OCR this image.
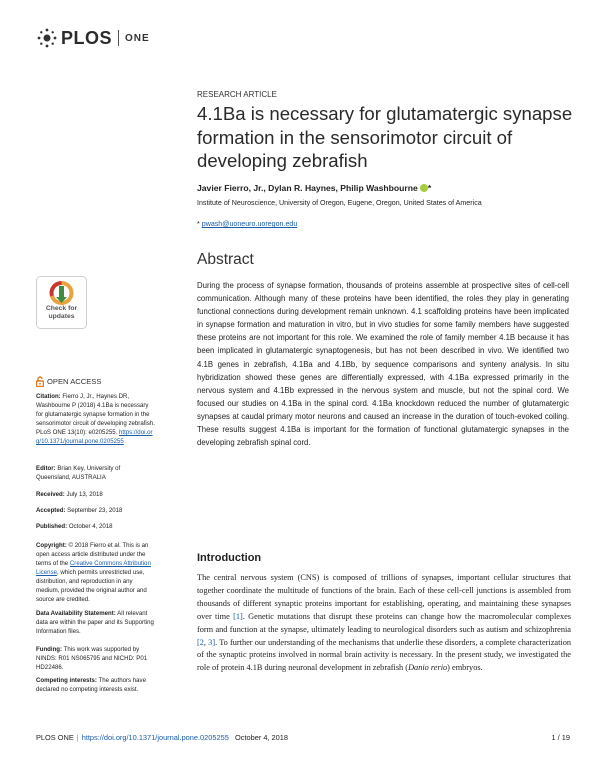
PLOS ONE
RESEARCH ARTICLE
4.1Ba is necessary for glutamatergic synapse formation in the sensorimotor circuit of developing zebrafish
Javier Fierro, Jr., Dylan R. Haynes, Philip Washbourne *
Institute of Neuroscience, University of Oregon, Eugene, Oregon, United States of America
* pwash@uoneuro.uoregon.edu
Check for
updates
Abstract

During the process of synapse formation, thousands of proteins assemble at prospective sites of cell-cell communication. Although many of these proteins have been identified, the roles they play in generating functional connections during development remain unknown. 4.1 scaffolding proteins have been implicated in synapse formation and maturation in vitro, but in vivo studies for some family members have suggested these proteins are not important for this role. We examined the role of family member 4.1B because it has been implicated in glutamatergic synaptogenesis, but has not been described in vivo. We identified two 4.1B genes in zebrafish, 4.1Ba and 4.1Bb, by sequence comparisons and synteny analysis. In situ hybridization showed these genes are differentially expressed, with 4.1Ba expressed primarily in the nervous system and 4.1Bb expressed in the nervous system and muscle, but not the spinal cord. We focused our studies on 4.1Ba in the spinal cord. 4.1Ba knockdown reduced the number of glutamatergic synapses at caudal primary motor neurons and caused an increase in the duration of touch-evoked coiling. These results suggest 4.1Ba is important for the formation of functional glutamatergic synapses in the developing zebrafish spinal cord.

OPEN ACCESS

Citation: Fierro J, Jr., Haynes DR, Washbourne P (2018) 4.1Ba is necessary for glutamatergic synapse formation in the sensorimotor circuit of developing zebrafish. PLoS ONE 13(10): e0205255. https://doi.org/10.1371/journal.pone.0205255

Editor: Brian Key, University of Queensland, AUSTRALIA

Received: July 13, 2018

Accepted: September 23, 2018

Published: October 4, 2018

Copyright: © 2018 Fierro et al. This is an open access article distributed under the terms of the Creative Commons Attribution License, which permits unrestricted use, distribution, and reproduction in any medium, provided the original author and source are credited.

Data Availability Statement: All relevant data are within the paper and its Supporting Information files.

Funding: This work was supported by NINDS: R01 NS065795 and NICHD: P01 HD22486.

Competing interests: The authors have declared no competing interests exist.

Introduction

The central nervous system (CNS) is composed of trillions of synapses, important cellular structures that together coordinate the multitude of functions of the brain. Each of these cell-cell junctions is assembled from thousands of different synaptic proteins important for establishing, operating, and maintaining these synapses over time [1]. Genetic mutations that disrupt these proteins can change how the macromolecular complexes form and function at the synapse, ultimately leading to neurological disorders such as autism and schizophrenia [2, 3]. To further our understanding of the mechanisms that underlie these disorders, a complete characterization of the synaptic proteins involved in normal brain activity is necessary. In the present study, we investigated the role of protein 4.1B during neuronal development in zebrafish (Danio rerio) embryos.

PLOS ONE | https://doi.org/10.1371/journal.pone.0205255 October 4, 2018	1 / 19
